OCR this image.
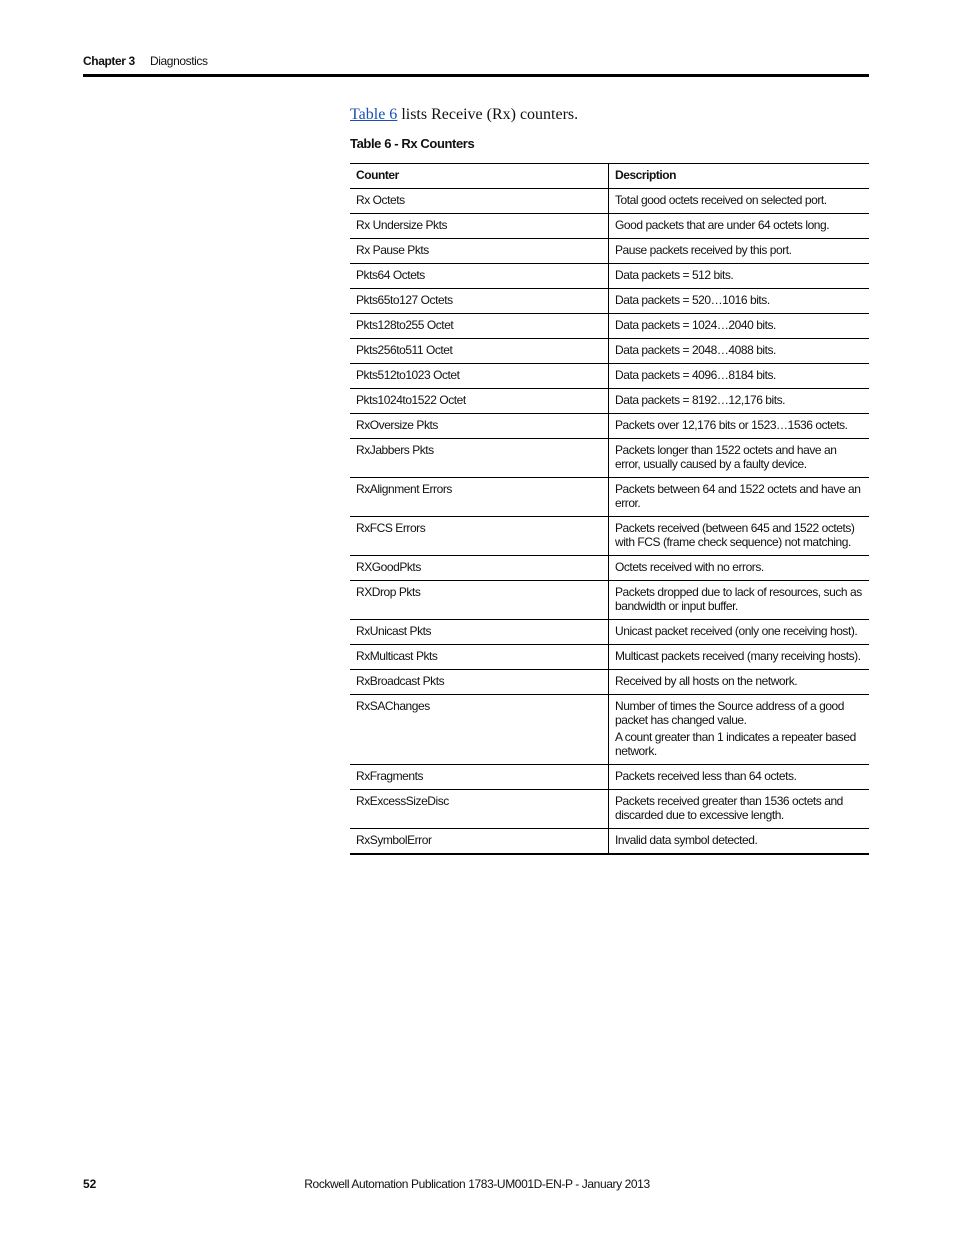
Chapter 3 Diagnostics
Table 6 lists Receive (Rx) counters.
Table 6 - Rx Counters
Counter	Description
Rx Octets	Total good octets received on selected port.

Rx Undersize Pkts	Good packets that are under 64 octets long.

Rx Pause Pkts	Pause packets received by this port.

Pkts64 Octets	Data packets = 512 bits.

Pkts65to127 Octets	Data packets = 520…1016 bits.

Pkts128to255 Octet	Data packets = 1024…2040 bits.

Pkts256to511 Octet	Data packets = 2048…4088 bits.

Pkts512to1023 Octet	Data packets = 4096…8184 bits.

Pkts1024to1522 Octet	Data packets = 8192…12,176 bits.

RxOversize Pkts	Packets over 12,176 bits or 1523…1536 octets.

RxJabbers Pkts	Packets longer than 1522 octets and have an error, usually caused by a faulty device.

RxAlignment Errors	Packets between 64 and 1522 octets and have an error.

RxFCS Errors	Packets received (between 645 and 1522 octets) with FCS (frame check sequence) not matching.

RXGoodPkts	Octets received with no errors.

RXDrop Pkts	Packets dropped due to lack of resources, such as bandwidth or input buffer.

RxUnicast Pkts	Unicast packet received (only one receiving host).

RxMulticast Pkts	Multicast packets received (many receiving hosts).

RxBroadcast Pkts	Received by all hosts on the network.

RxSAChanges	Number of times the Source address of a good packet has changed value.

A count greater than 1 indicates a repeater based network.

RxFragments	Packets received less than 64 octets.

RxExcessSizeDisc	Packets received greater than 1536 octets and discarded due to excessive length.

RxSymbolError	Invalid data symbol detected.

52	Rockwell Automation Publication 1783-UM001D-EN-P - January 2013
